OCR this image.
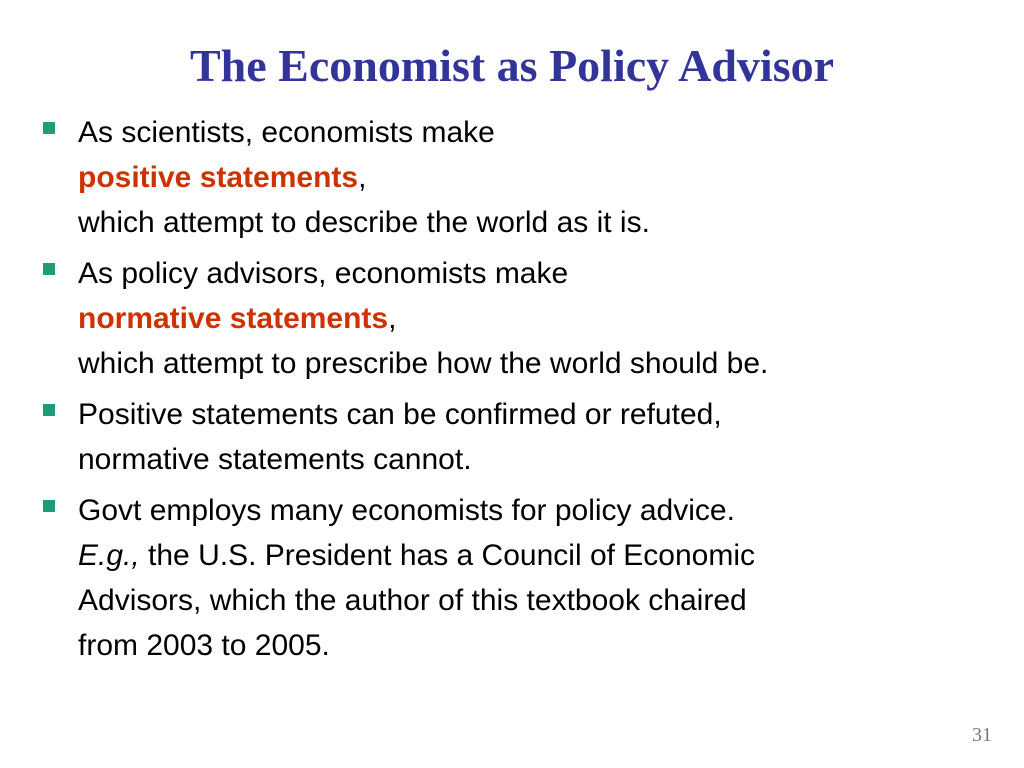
The Economist as Policy Advisor
As scientists, economists make
positive statements,
which attempt to describe the world as it is.
As policy advisors, economists make
normative statements,
which attempt to prescribe how the world should be.
Positive statements can be confirmed or refuted,
normative statements cannot.
Govt employs many economists for policy advice.
E.g., the U.S. President has a Council of Economic
Advisors, which the author of this textbook chaired
from 2003 to 2005.
31
